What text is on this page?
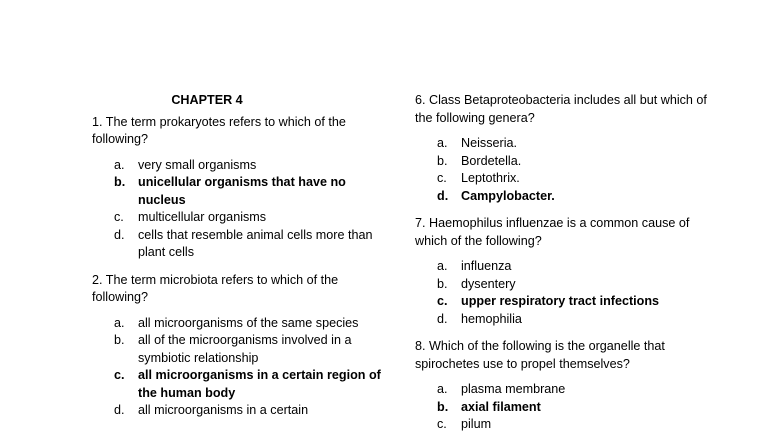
CHAPTER 4

1. The term prokaryotes refers to which of the following?

a. very small organisms
b. unicellular organisms that have no nucleus
c. multicellular organisms
d. cells that resemble animal cells more than plant cells

2. The term microbiota refers to which of the following?

a. all microorganisms of the same species
b. all of the microorganisms involved in a symbiotic relationship
c. all microorganisms in a certain region of the human body
d. all microorganisms in a certain

6. Class Betaproteobacteria includes all but which of the following genera?

a. Neisseria.
b. Bordetella.
c. Leptothrix.
d. Campylobacter.

7. Haemophilus influenzae is a common cause of which of the following?

a. influenza
b. dysentery
c. upper respiratory tract infections
d. hemophilia

8. Which of the following is the organelle that spirochetes use to propel themselves?

a. plasma membrane
b. axial filament
c. pilum
